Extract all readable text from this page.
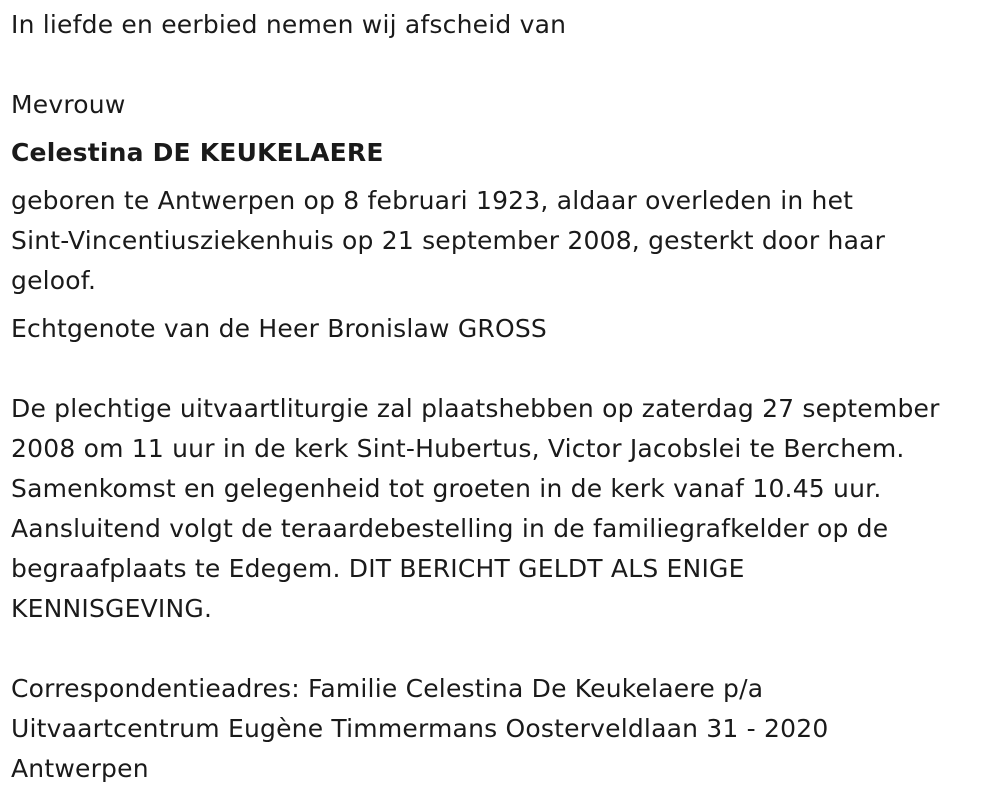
In liefde en eerbied nemen wij afscheid van
Mevrouw
Celestina DE KEUKELAERE
geboren te Antwerpen op 8 februari 1923, aldaar overleden in het
Sint-Vincentiusziekenhuis op 21 september 2008, gesterkt door haar
geloof.
Echtgenote van de Heer Bronislaw GROSS
De plechtige uitvaartliturgie zal plaatshebben op zaterdag 27 september
2008 om 11 uur in de kerk Sint-Hubertus, Victor Jacobslei te Berchem.
Samenkomst en gelegenheid tot groeten in de kerk vanaf 10.45 uur.
Aansluitend volgt de teraardebestelling in de familiegrafkelder op de
begraafplaats te Edegem. DIT BERICHT GELDT ALS ENIGE
KENNISGEVING.
Correspondentieadres: Familie Celestina De Keukelaere p/a
Uitvaartcentrum Eugène Timmermans Oosterveldlaan 31 - 2020
Antwerpen
